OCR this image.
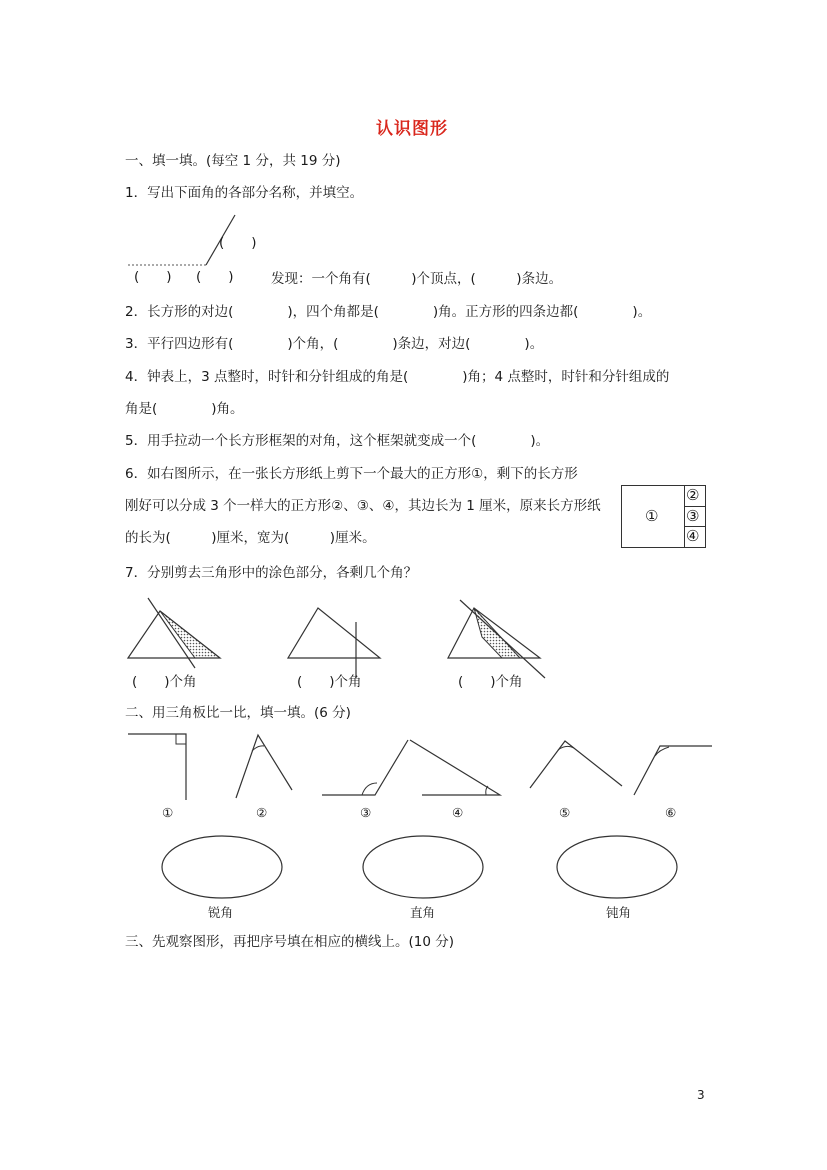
认识图形
一、填一填。(每空 1 分，共 19 分)
1．写出下面角的各部分名称，并填空。
(　　)
(　　) (　　)	发现：一个角有(　　　)个顶点，(　　　)条边。
2．长方形的对边(　　　　)，四个角都是(　　　　)角。正方形的四条边都(　　　　)。
3．平行四边形有(　　　　)个角，(　　　　)条边，对边(　　　　)。
4．钟表上，3 点整时，时针和分针组成的角是(　　　　)角；4 点整时，时针和分针组成的
角是(　　　　)角。
5．用手拉动一个长方形框架的对角，这个框架就变成一个(　　　　)。
6．如右图所示，在一张长方形纸上剪下一个最大的正方形①，剩下的长方形
刚好可以分成 3 个一样大的正方形②、③、④，其边长为 1 厘米，原来长方形纸
的长为(　　　)厘米，宽为(　　　)厘米。
①
②
③
④
7．分别剪去三角形中的涂色部分，各剩几个角？
(　　)个角	(　　)个角	(　　)个角
二、用三角板比一比，填一填。(6 分)
①	②	③	④	⑤	⑥
锐角	直角	钝角
三、先观察图形，再把序号填在相应的横线上。(10 分)
3
